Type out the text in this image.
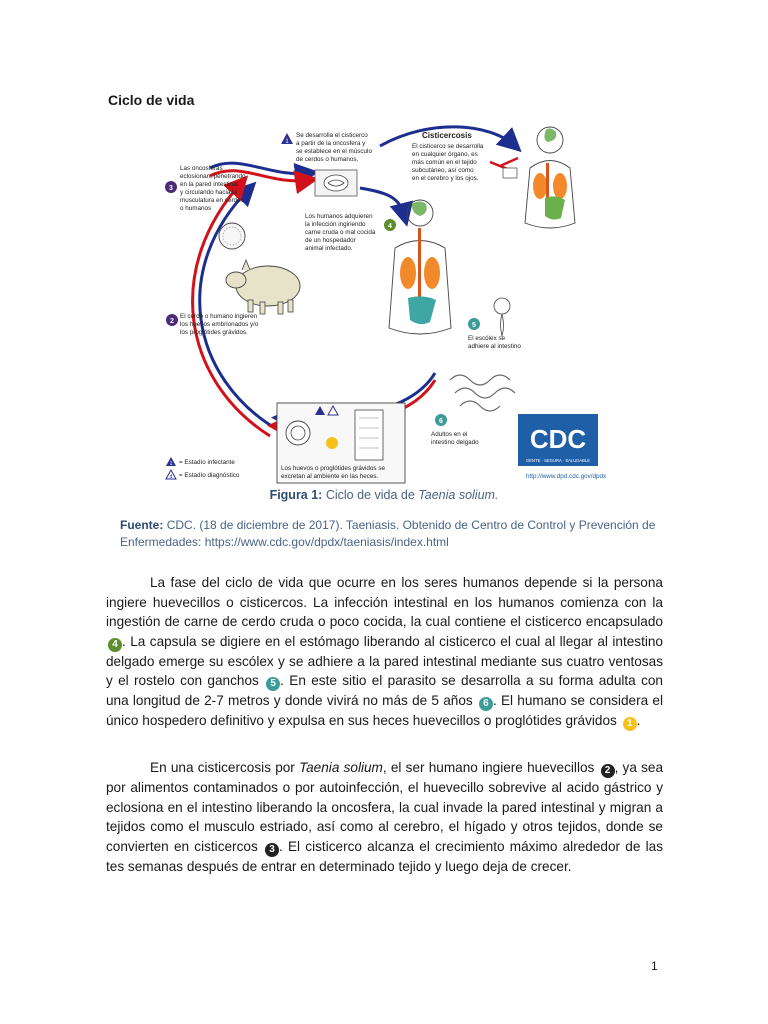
Ciclo de vida
1
Se desarrolla el cisticerco a partir de la oncosfera y se establece en el músculo de cerdos o humanos.
Cisticercosis
El cisticerco se desarrolla en cualquier órgano, es más común en el tejido subcutáneo, así como en el cerebro y los ojos.
3
Las oncosferas eclosionan, penetrando en la pared intestinal y circulando hacia la musculatura en cerdos o humanos
Los humanos adquieren la infección ingiriendo carne cruda o mal cocida de un hospedador animal infectado.
4
2
El cerdo o humano ingieren los huevos embrionados y/o los proglótides grávidos.
5
El escólex se adhiere al intestino
6
Adultos en el intestino delgado CDC
GENTE · SEGURA · SALUDABLE
http://www.dpd.cdc.gov/dpdx
Los huevos o proglótides grávidos se excretan al ambiente en las heces.
1 = Estadío infectante
d = Estadío diagnóstico
Figura 1: Ciclo de vida de Taenia solium.
Fuente: CDC. (18 de diciembre de 2017). Taeniasis. Obtenido de Centro de Control y Prevención de Enfermedades: https://www.cdc.gov/dpdx/taeniasis/index.html
La fase del ciclo de vida que ocurre en los seres humanos depende si la persona ingiere huevecillos o cisticercos. La infección intestinal en los humanos comienza con la ingestión de carne de cerdo cruda o poco cocida, la cual contiene el cisticerco encapsulado 4 . La capsula se digiere en el estómago liberando al cisticerco el cual al llegar al intestino delgado emerge su escólex y se adhiere a la pared intestinal mediante sus cuatro ventosas y el rostelo con ganchos 5 . En este sitio el parasito se desarrolla a su forma adulta con una longitud de 2-7 metros y donde vivirá no más de 5 años 6 . El humano se considera el único hospedero definitivo y expulsa en sus heces huevecillos o proglótides grávidos 1 .
En una cisticercosis por Taenia solium, el ser humano ingiere huevecillos 2 , ya sea por alimentos contaminados o por autoinfección, el huevecillo sobrevive al acido gástrico y eclosiona en el intestino liberando la oncosfera, la cual invade la pared intestinal y migran a tejidos como el musculo estriado, así como al cerebro, el hígado y otros tejidos, donde se convierten en cisticercos 3 . El cisticerco alcanza el crecimiento máximo alrededor de las tes semanas después de entrar en determinado tejido y luego deja de crecer.
1
